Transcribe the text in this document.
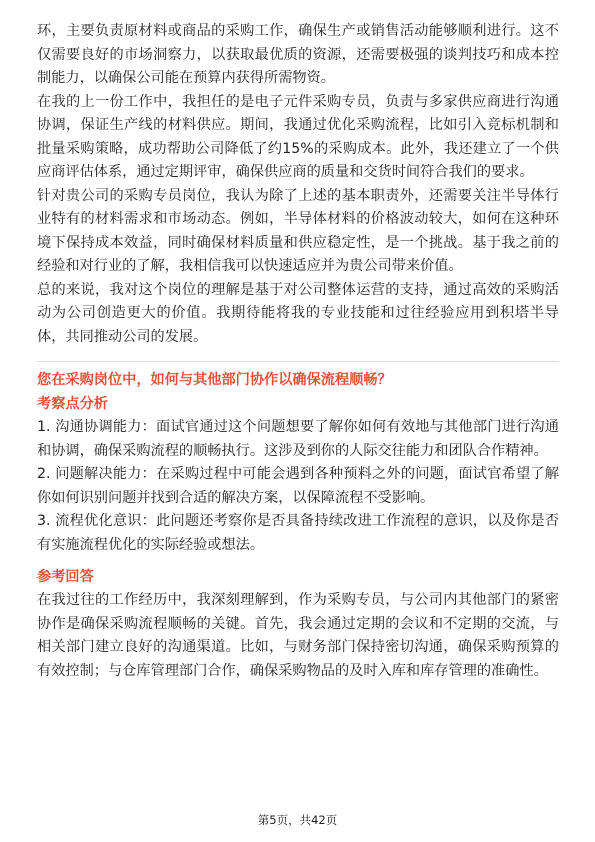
环，主要负责原材料或商品的采购工作，确保生产或销售活动能够顺利进行。这不仅需要良好的市场洞察力，以获取最优质的资源，还需要极强的谈判技巧和成本控制能力，以确保公司能在预算内获得所需物资。

在我的上一份工作中，我担任的是电子元件采购专员，负责与多家供应商进行沟通协调，保证生产线的材料供应。期间，我通过优化采购流程，比如引入竞标机制和批量采购策略，成功帮助公司降低了约15%的采购成本。此外，我还建立了一个供应商评估体系，通过定期评审，确保供应商的质量和交货时间符合我们的要求。

针对贵公司的采购专员岗位，我认为除了上述的基本职责外，还需要关注半导体行业特有的材料需求和市场动态。例如，半导体材料的价格波动较大，如何在这种环境下保持成本效益，同时确保材料质量和供应稳定性，是一个挑战。基于我之前的经验和对行业的了解，我相信我可以快速适应并为贵公司带来价值。

总的来说，我对这个岗位的理解是基于对公司整体运营的支持，通过高效的采购活动为公司创造更大的价值。我期待能将我的专业技能和过往经验应用到积塔半导体，共同推动公司的发展。

您在采购岗位中，如何与其他部门协作以确保流程顺畅？

考察点分析

1. 沟通协调能力：面试官通过这个问题想要了解你如何有效地与其他部门进行沟通和协调，确保采购流程的顺畅执行。这涉及到你的人际交往能力和团队合作精神。

2. 问题解决能力：在采购过程中可能会遇到各种预料之外的问题，面试官希望了解你如何识别问题并找到合适的解决方案，以保障流程不受影响。

3. 流程优化意识：此问题还考察你是否具备持续改进工作流程的意识，以及你是否有实施流程优化的实际经验或想法。

参考回答

在我过往的工作经历中，我深刻理解到，作为采购专员，与公司内其他部门的紧密协作是确保采购流程顺畅的关键。首先，我会通过定期的会议和不定期的交流，与相关部门建立良好的沟通渠道。比如，与财务部门保持密切沟通，确保采购预算的有效控制；与仓库管理部门合作，确保采购物品的及时入库和库存管理的准确性。

第5页，共42页
